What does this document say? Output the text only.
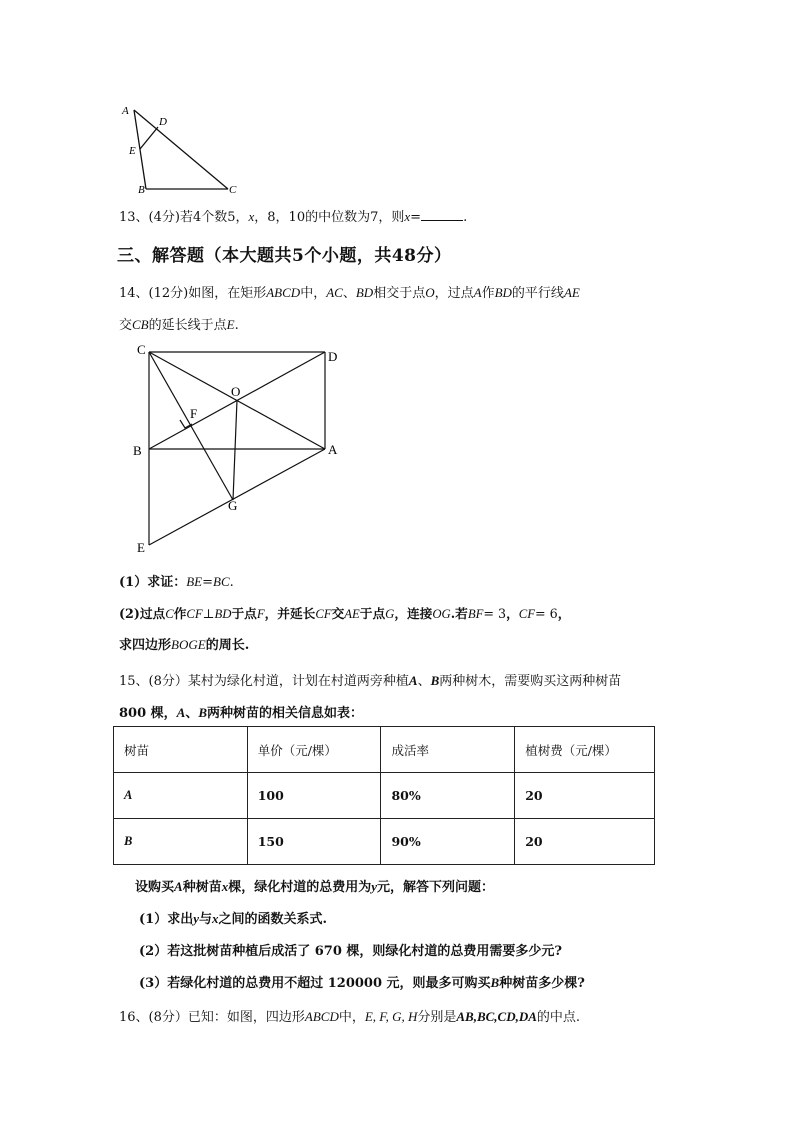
A
D
E
B	C
13、(4分)若4个数5，x，8，10的中位数为7，则x=	.
三、解答题（本大题共5个小题，共48分）
14、(12分)如图，在矩形ABCD中，AC、BD相交于点O，过点A作BD的平行线AE
交CB的延长线于点E.
C	D
O
F
B	A
G
E
(1）求证：BE=BC.
(2)过点C作CF⊥BD于点F，并延长CF交AE于点G，连接OG.若BF= 3，CF= 6，
求四边形BOGE的周长.
15、(8分）某村为绿化村道，计划在村道两旁种植A、B两种树木，需要购买这两种树苗
800 棵，A、B两种树苗的相关信息如表：
树苗	单价（元/棵）	成活率	植树费（元/棵）
A	100	80%	20
B	150	90%	20
设购买A种树苗x棵，绿化村道的总费用为y元，解答下列问题：
(1）求出y与x之间的函数关系式.
(2）若这批树苗种植后成活了 670 棵，则绿化村道的总费用需要多少元?
(3）若绿化村道的总费用不超过 120000 元，则最多可购买B种树苗多少棵?
16、(8分）已知：如图，四边形ABCD中，E, F, G, H分别是AB,BC,CD,DA的中点.
